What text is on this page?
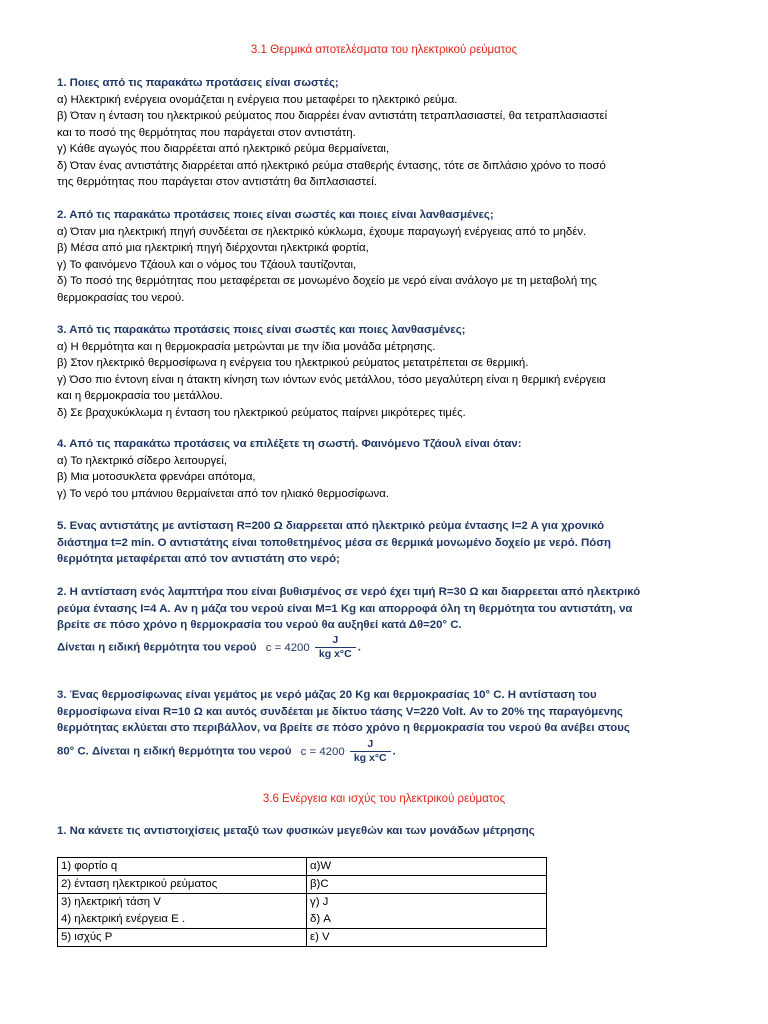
3.1 Θερμικά αποτελέσματα του ηλεκτρικού ρεύματος
1. Ποιες από τις παρακάτω προτάσεις είναι σωστές;
α) Ηλεκτρική ενέργεια ονομάζεται η ενέργεια που μεταφέρει το ηλεκτρικό ρεύμα.
β) Όταν η ένταση του ηλεκτρικού ρεύματος που διαρρέει έναν αντιστάτη τετραπλασιαστεί, θα τετραπλασιαστεί
και το ποσό της θερμότητας που παράγεται στον αντιστάτη.
γ) Κάθε αγωγός που διαρρέεται από ηλεκτρικό ρεύμα θερμαίνεται,
δ) Όταν ένας αντιστάτης διαρρέεται από ηλεκτρικό ρεύμα σταθερής έντασης, τότε σε διπλάσιο χρόνο το ποσό
της θερμότητας που παράγεται στον αντιστάτη θα διπλασιαστεί.
2. Από τις παρακάτω προτάσεις ποιες είναι σωστές και ποιες είναι λανθασμένες;
α) Όταν μια ηλεκτρική πηγή συνδέεται σε ηλεκτρικό κύκλωμα, έχουμε παραγωγή ενέργειας από το μηδέν.
β) Μέσα από μια ηλεκτρική πηγή διέρχονται ηλεκτρικά φορτία,
γ) Το φαινόμενο Τζάουλ και ο νόμος του Τζάουλ ταυτίζονται,
δ) Το ποσό της θερμότητας που μεταφέρεται σε μονωμένο δοχείο με νερό είναι ανάλογο με τη μεταβολή της
θερμοκρασίας του νερού.
3. Από τις παρακάτω προτάσεις ποιες είναι σωστές και ποιες λανθασμένες;
α) Η θερμότητα και η θερμοκρασία μετρώνται με την ίδια μονάδα μέτρησης.
β) Στον ηλεκτρικό θερμοσίφωνα η ενέργεια του ηλεκτρικού ρεύματος μετατρέπεται σε θερμική.
γ) Όσο πιο έντονη είναι η άτακτη κίνηση των ιόντων ενός μετάλλου, τόσο μεγαλύτερη είναι η θερμική ενέργεια
και η θερμοκρασία του μετάλλου.
δ) Σε βραχυκύκλωμα η ένταση του ηλεκτρικού ρεύματος παίρνει μικρότερες τιμές.
4. Από τις παρακάτω προτάσεις να επιλέξετε τη σωστή. Φαινόμενο Τζάουλ είναι όταν:
α) Το ηλεκτρικό σίδερο λειτουργεί,
β) Μια μοτοσυκλετα φρενάρει απότομα,
γ) Το νερό του μπάνιου θερμαίνεται από τον ηλιακό θερμοσίφωνα.
5. Ενας αντιστάτης με αντίσταση R=200 Ω διαρρεεται από ηλεκτρικό ρεύμα έντασης I=2 A για χρονικό
διάστημα t=2 min. Ο αντιστάτης είναι τοποθετημένος μέσα σε θερμικά μονωμένο δοχείο με νερό. Πόση
θερμότητα μεταφέρεται από τον αντιστάτη στο νερό;
2. Η αντίσταση ενός λαμπτήρα που είναι βυθισμένος σε νερό έχει τιμή R=30 Ω και διαρρεεται από ηλεκτρικό
ρεύμα έντασης I=4 A. Αν η μάζα του νερού είναι M=1 Kg και απορροφά όλη τη θερμότητα του αντιστάτη, να
βρείτε σε πόσο χρόνο η θερμοκρασία του νερού θα αυξηθεί κατά Δθ=20° C.
Δίνεται η ειδική θερμότητα του νερού $c = 4200 \frac{J}{\text{kg x°C}}$ .
3. Ένας θερμοσίφωνας είναι γεμάτος με νερό μάζας 20 Kg και θερμοκρασίας 10° C. Η αντίσταση του
θερμοσίφωνα είναι R=10 Ω και αυτός συνδέεται με δίκτυο τάσης V=220 Volt. Αν το 20% της παραγόμενης
θερμότητας εκλύεται στο περιβάλλον, να βρείτε σε πόσο χρόνο η θερμοκρασία του νερού θα ανέβει στους
80° C. Δίνεται η ειδική θερμότητα του νερού $c = 4200 \frac{J}{\text{kg x°C}}$ .
3.6 Ενέργεια και ισχύς του ηλεκτρικού ρεύματος
1. Να κάνετε τις αντιστοιχίσεις μεταξύ των φυσικών μεγεθών και των μονάδων μέτρησης
1) φορτίο q	α)W
2) ένταση ηλεκτρικού ρεύματος	β)C
3) ηλεκτρική τάση V	γ) J
4) ηλεκτρική ενέργεια E .	δ) A
5) ισχύς P	ε) V
